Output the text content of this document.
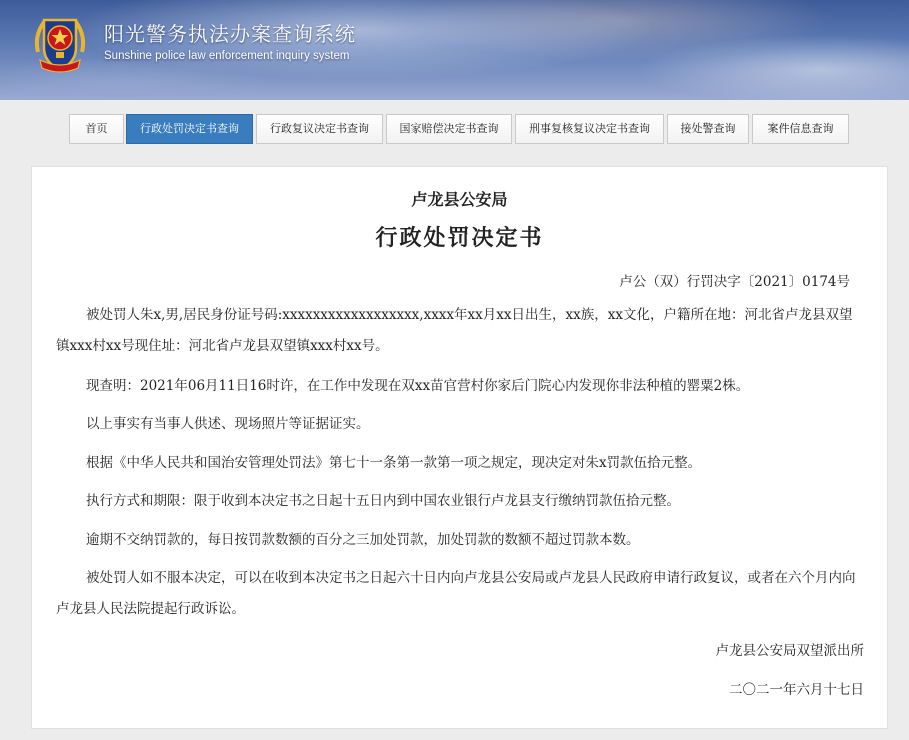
阳光警务执法办案查询系统
Sunshine police law enforcement inquiry system
首页	行政处罚决定书查询	行政复议决定书查询	国家赔偿决定书查询	刑事复核复议决定书查询	接处警查询	案件信息查询
卢龙县公安局
行政处罚决定书
卢公（双）行罚决字〔2021〕0174号

被处罚人朱x,男,居民身份证号码:xxxxxxxxxxxxxxxxxx,xxxx年xx月xx日出生，xx族，xx文化，户籍所在地：河北省卢龙县双望镇xxx村xx号现住址：河北省卢龙县双望镇xxx村xx号。

现查明：2021年06月11日16时许，在工作中发现在双xx苗官营村你家后门院心内发现你非法种植的罂粟2株。

以上事实有当事人供述、现场照片等证据证实。

根据《中华人民共和国治安管理处罚法》第七十一条第一款第一项之规定，现决定对朱x罚款伍拾元整。

执行方式和期限：限于收到本决定书之日起十五日内到中国农业银行卢龙县支行缴纳罚款伍拾元整。

逾期不交纳罚款的，每日按罚款数额的百分之三加处罚款，加处罚款的数额不超过罚款本数。

被处罚人如不服本决定，可以在收到本决定书之日起六十日内向卢龙县公安局或卢龙县人民政府申请行政复议，或者在六个月内向卢龙县人民法院提起行政诉讼。

卢龙县公安局双望派出所
二〇二一年六月十七日
